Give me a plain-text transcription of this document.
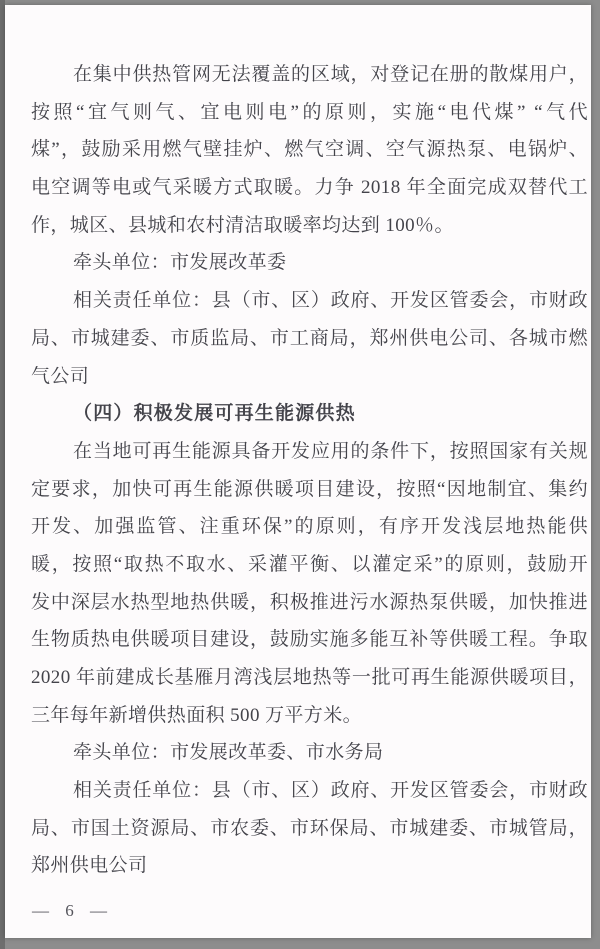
在集中供热管网无法覆盖的区域，对登记在册的散煤用户，
按照“宜气则气、宜电则电”的原则，实施“电代煤” “气代
煤”，鼓励采用燃气壁挂炉、燃气空调、空气源热泵、电锅炉、
电空调等电或气采暖方式取暖。力争 2018 年全面完成双替代工
作，城区、县城和农村清洁取暖率均达到 100％。
牵头单位：市发展改革委
相关责任单位：县（市、区）政府、开发区管委会，市财政
局、市城建委、市质监局、市工商局，郑州供电公司、各城市燃
气公司
（四）积极发展可再生能源供热
在当地可再生能源具备开发应用的条件下，按照国家有关规
定要求，加快可再生能源供暖项目建设，按照“因地制宜、集约
开发、加强监管、注重环保”的原则，有序开发浅层地热能供
暖，按照“取热不取水、采灌平衡、以灌定采”的原则，鼓励开
发中深层水热型地热供暖，积极推进污水源热泵供暖，加快推进
生物质热电供暖项目建设，鼓励实施多能互补等供暖工程。争取
2020 年前建成长基雁月湾浅层地热等一批可再生能源供暖项目，
三年每年新增供热面积 500 万平方米。
牵头单位：市发展改革委、市水务局
相关责任单位：县（市、区）政府、开发区管委会，市财政
局、市国土资源局、市农委、市环保局、市城建委、市城管局，
郑州供电公司
— 6 —
